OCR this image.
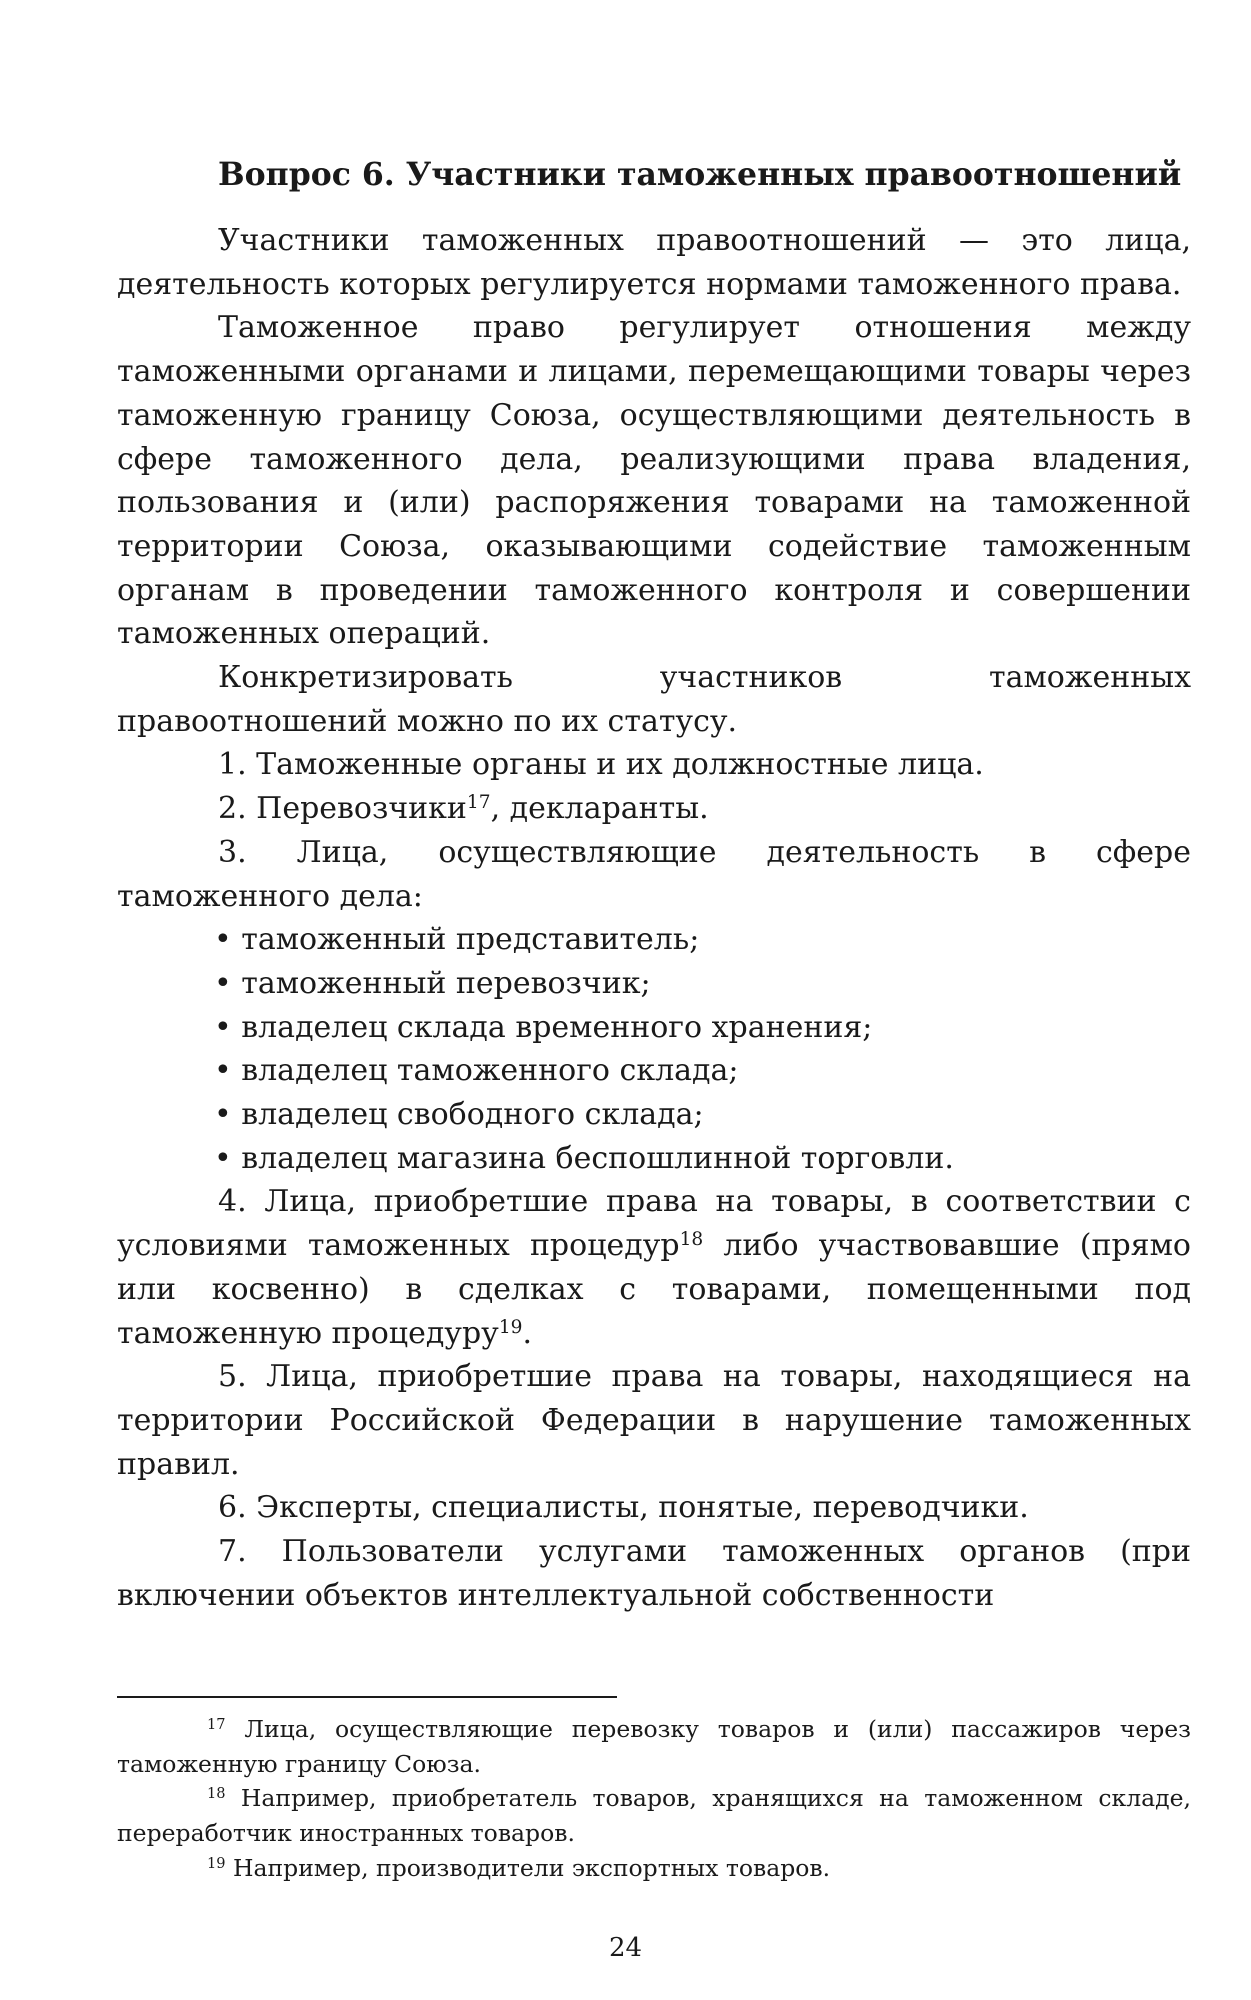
Вопрос 6. Участники таможенных правоотношений

Участники таможенных правоотношений — это лица, деятельность которых регулируется нормами таможенного права.

Таможенное право регулирует отношения между таможенными органами и лицами, перемещающими товары через таможенную границу Союза, осуществляющими деятельность в сфере таможенного дела, реализующими права владения, пользования и (или) распоряжения товарами на таможенной территории Союза, оказывающими содействие таможенным органам в проведении таможенного контроля и совершении таможенных операций.

Конкретизировать участников таможенных правоотношений можно по их статусу.

1. Таможенные органы и их должностные лица.

2. Перевозчики$^{17}$, декларанты.

3. Лица, осуществляющие деятельность в сфере таможенного дела:

• таможенный представитель;

• таможенный перевозчик;

• владелец склада временного хранения;

• владелец таможенного склада;

• владелец свободного склада;

• владелец магазина беспошлинной торговли.

4. Лица, приобретшие права на товары, в соответствии с условиями таможенных процедур$^{18}$ либо участвовавшие (прямо или косвенно) в сделках с товарами, помещенными под таможенную процедуру$^{19}$.

5. Лица, приобретшие права на товары, находящиеся на территории Российской Федерации в нарушение таможенных правил.

6. Эксперты, специалисты, понятые, переводчики.

7. Пользователи услугами таможенных органов (при включении объектов интеллектуальной собственности

$^{17}$ Лица, осуществляющие перевозку товаров и (или) пассажиров через таможенную границу Союза.

$^{18}$ Например, приобретатель товаров, хранящихся на таможенном складе, переработчик иностранных товаров.

$^{19}$ Например, производители экспортных товаров.

24
